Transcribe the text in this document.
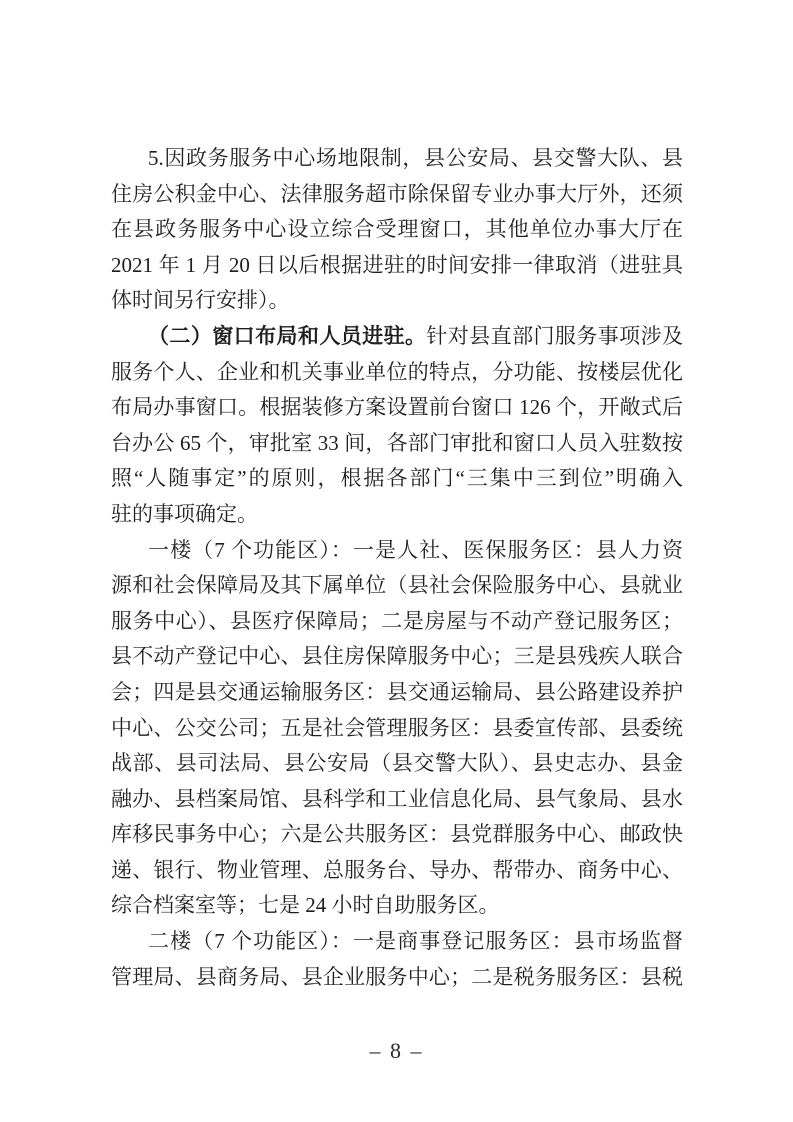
5.因政务服务中心场地限制，县公安局、县交警大队、县
住房公积金中心、法律服务超市除保留专业办事大厅外，还须
在县政务服务中心设立综合受理窗口，其他单位办事大厅在
2021 年 1 月 20 日以后根据进驻的时间安排一律取消（进驻具
体时间另行安排）。
（二）窗口布局和人员进驻。针对县直部门服务事项涉及
服务个人、企业和机关事业单位的特点，分功能、按楼层优化
布局办事窗口。根据装修方案设置前台窗口 126 个，开敞式后
台办公 65 个，审批室 33 间，各部门审批和窗口人员入驻数按
照“人随事定”的原则，根据各部门“三集中三到位”明确入
驻的事项确定。
一楼（7 个功能区）：一是人社、医保服务区：县人力资
源和社会保障局及其下属单位（县社会保险服务中心、县就业
服务中心）、县医疗保障局；二是房屋与不动产登记服务区；
县不动产登记中心、县住房保障服务中心；三是县残疾人联合
会；四是县交通运输服务区：县交通运输局、县公路建设养护
中心、公交公司；五是社会管理服务区：县委宣传部、县委统
战部、县司法局、县公安局（县交警大队）、县史志办、县金
融办、县档案局馆、县科学和工业信息化局、县气象局、县水
库移民事务中心；六是公共服务区：县党群服务中心、邮政快
递、银行、物业管理、总服务台、导办、帮带办、商务中心、
综合档案室等；七是 24 小时自助服务区。
二楼（7 个功能区）：一是商事登记服务区：县市场监督
管理局、县商务局、县企业服务中心；二是税务服务区：县税
– 8 –
